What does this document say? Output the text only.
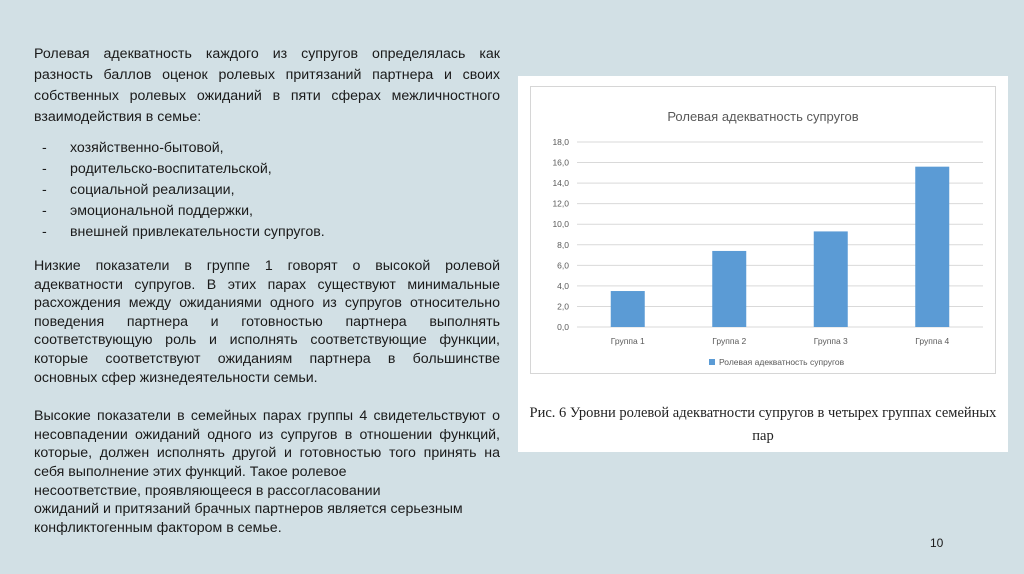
Ролевая адекватность каждого из супругов определялась как разность баллов оценок ролевых притязаний партнера и своих собственных ролевых ожиданий в пяти сферах межличностного взаимодействия в семье:

- хозяйственно-бытовой,
- родительско-воспитательской,
- социальной реализации,
- эмоциональной поддержки,
- внешней привлекательности супругов.

Низкие показатели в группе 1 говорят о высокой ролевой адекватности супругов. В этих парах существуют минимальные расхождения между ожиданиями одного из супругов относительно поведения партнера и готовностью партнера выполнять соответствующую роль и исполнять соответствующие функции, которые соответствуют ожиданиям партнера в большинстве основных сфер жизнедеятельности семьи.

Высокие показатели в семейных парах группы 4 свидетельствуют о несовпадении ожиданий одного из супругов в отношении функций, которые, должен исполнять другой и готовностью того принять на себя выполнение этих функций. Такое ролевое
несоответствие, проявляющееся в рассогласовании
ожиданий и притязаний брачных партнеров является серьезным
конфликтогенным фактором в семье.
Ролевая адекватность супругов
0,0
2,0
4,0
6,0
8,0
10,0
12,0
14,0
16,0
18,0
Группа 1	Группа 2	Группа 3	Группа 4
Ролевая адекватность супругов
Рис. 6 Уровни ролевой адекватности супругов в четырех группах семейных
пар
10
